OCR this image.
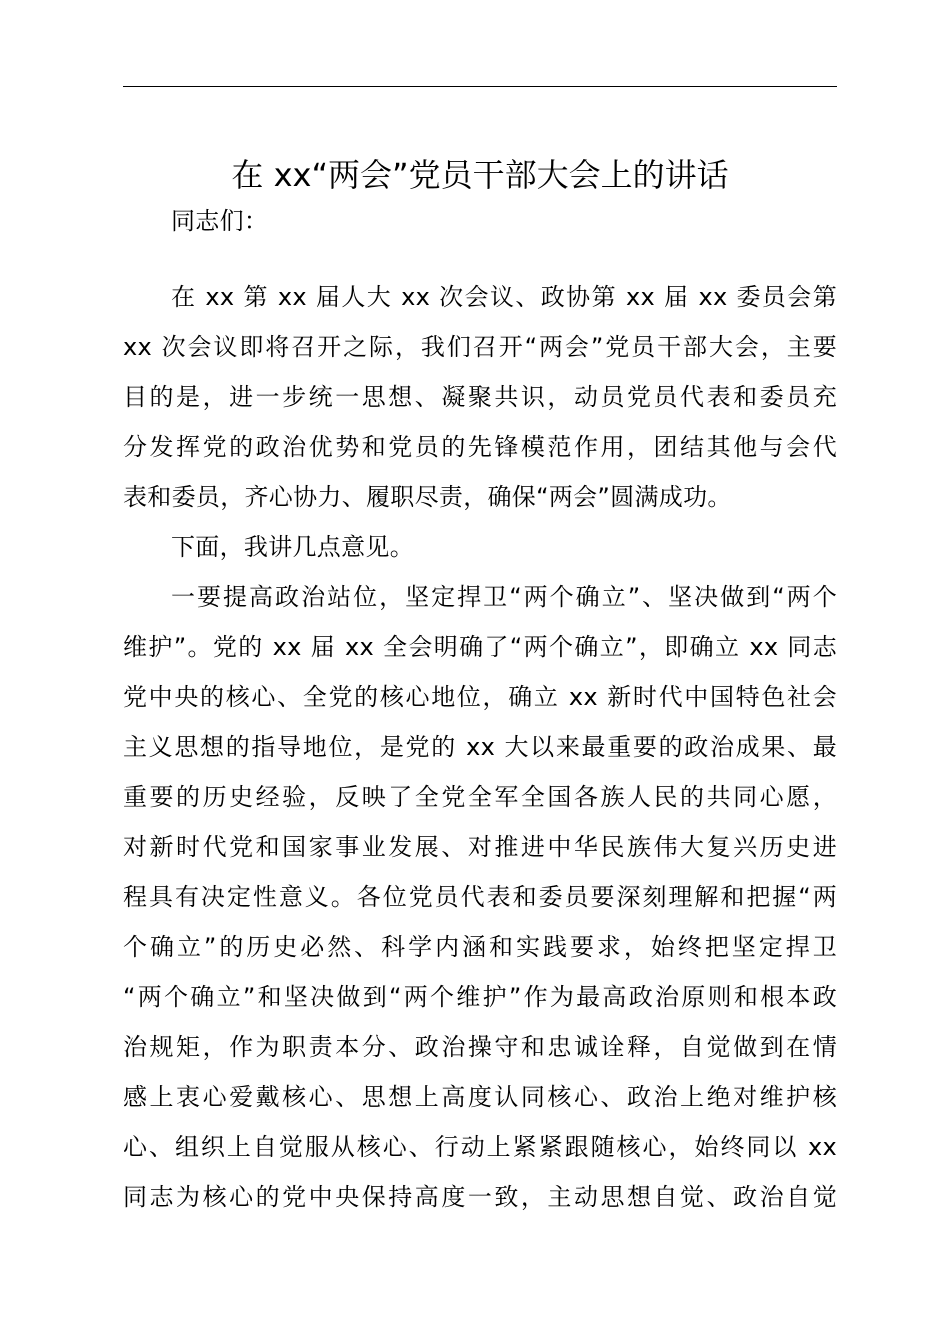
在 xx“两会”党员干部大会上的讲话
同志们：
在 xx 第 xx 届人大 xx 次会议、政协第 xx 届 xx 委员会第
xx 次会议即将召开之际，我们召开“两会”党员干部大会，主要
目的是，进一步统一思想、凝聚共识，动员党员代表和委员充
分发挥党的政治优势和党员的先锋模范作用，团结其他与会代
表和委员，齐心协力、履职尽责，确保“两会”圆满成功。
下面，我讲几点意见。
一要提高政治站位，坚定捍卫“两个确立”、坚决做到“两个
维护”。党的 xx 届 xx 全会明确了“两个确立”，即确立 xx 同志
党中央的核心、全党的核心地位，确立 xx 新时代中国特色社会
主义思想的指导地位，是党的 xx 大以来最重要的政治成果、最
重要的历史经验，反映了全党全军全国各族人民的共同心愿，
对新时代党和国家事业发展、对推进中华民族伟大复兴历史进
程具有决定性意义。各位党员代表和委员要深刻理解和把握“两
个确立”的历史必然、科学内涵和实践要求，始终把坚定捍卫
“两个确立”和坚决做到“两个维护”作为最高政治原则和根本政
治规矩，作为职责本分、政治操守和忠诚诠释，自觉做到在情
感上衷心爱戴核心、思想上高度认同核心、政治上绝对维护核
心、组织上自觉服从核心、行动上紧紧跟随核心，始终同以 xx
同志为核心的党中央保持高度一致，主动思想自觉、政治自觉
